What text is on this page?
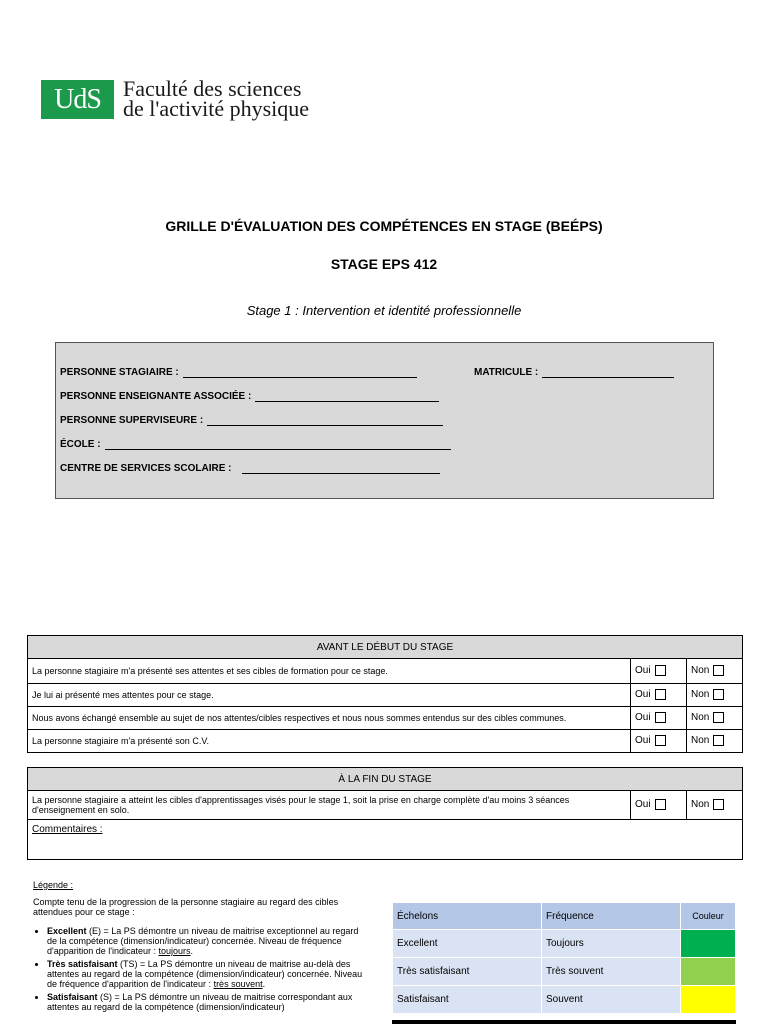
UdS	Faculté des sciences
de l'activité physique
GRILLE D'ÉVALUATION DES COMPÉTENCES EN STAGE (BEÉPS)
STAGE EPS 412
Stage 1 : Intervention et identité professionnelle
PERSONNE STAGIAIRE :	MATRICULE :
PERSONNE ENSEIGNANTE ASSOCIÉE :
PERSONNE SUPERVISEURE :
ÉCOLE :
CENTRE DE SERVICES SCOLAIRE :
AVANT LE DÉBUT DU STAGE		
La personne stagiaire m'a présenté ses attentes et ses cibles de formation pour ce stage.	Oui	Non
Je lui ai présenté mes attentes pour ce stage.	Oui	Non
Nous avons échangé ensemble au sujet de nos attentes/cibles respectives et nous nous sommes entendus sur des cibles communes.	Oui	Non
La personne stagiaire m'a présenté son C.V.	Oui	Non
À LA FIN DU STAGE
La personne stagiaire a atteint les cibles d'apprentissages visés pour le stage 1, soit la prise en charge complète d'au moins 3 séances d'enseignement en solo.	Oui	Non
Commentaires :
Légende :
Compte tenu de la progression de la personne stagiaire au regard des cibles attendues pour ce stage :
• Excellent (E) = La PS démontre un niveau de maitrise exceptionnel au regard de la compétence (dimension/indicateur) concernée. Niveau de fréquence d'apparition de l'indicateur : toujours.
• Très satisfaisant (TS) = La PS démontre un niveau de maitrise au-delà des attentes au regard de la compétence (dimension/indicateur) concernée. Niveau de fréquence d'apparition de l'indicateur : très souvent.
• Satisfaisant (S) = La PS démontre un niveau de maitrise correspondant aux attentes au regard de la compétence (dimension/indicateur)
Échelons	Fréquence	Couleur
Excellent	Toujours	
Très satisfaisant	Très souvent	
Satisfaisant	Souvent	
